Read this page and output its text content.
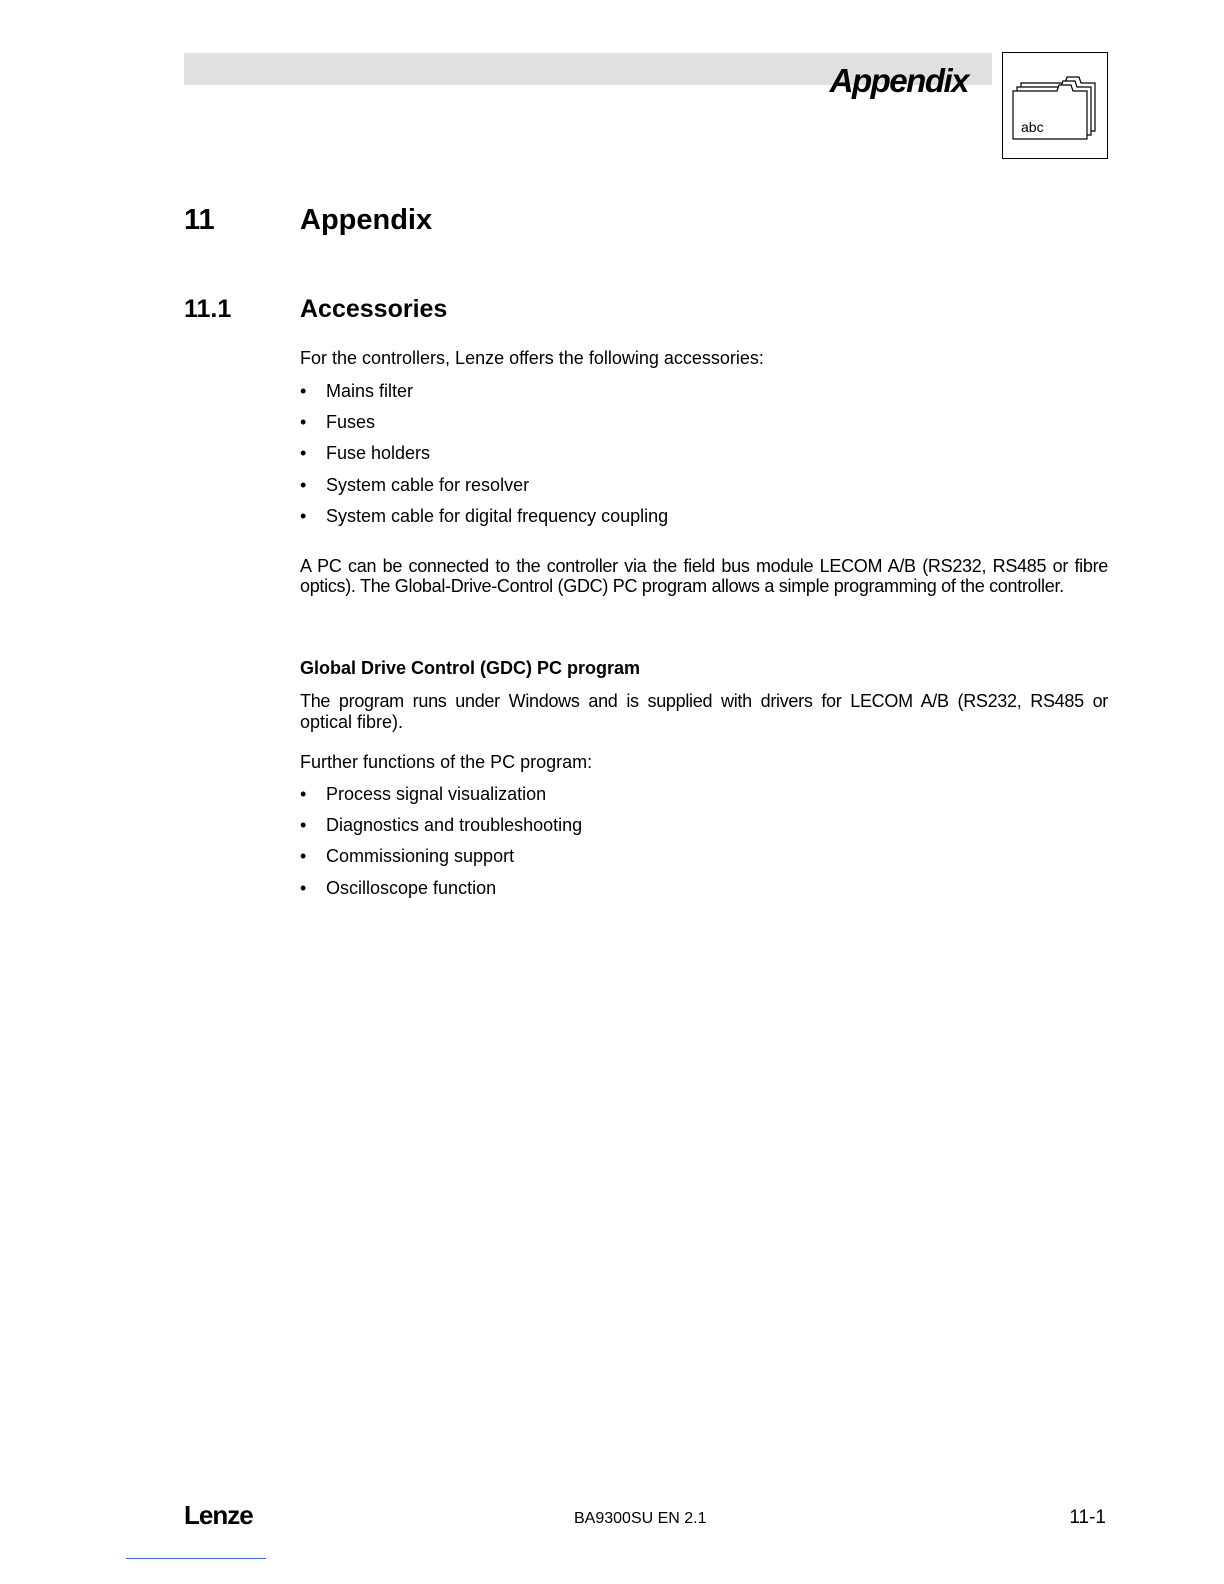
Appendix
abc
11	Appendix
11.1	Accessories
For the controllers, Lenze offers the following accessories:
• Mains filter
• Fuses
• Fuse holders
• System cable for resolver
• System cable for digital frequency coupling
A PC can be connected to the controller via the field bus module LECOM A/B (RS232, RS485 or fibre
optics). The Global-Drive-Control (GDC) PC program allows a simple programming of the controller.
Global Drive Control (GDC) PC program
The program runs under Windows and is supplied with drivers for LECOM A/B (RS232, RS485 or
optical fibre).
Further functions of the PC program:
• Process signal visualization
• Diagnostics and troubleshooting
• Commissioning support
• Oscilloscope function
Lenze	BA9300SU EN 2.1	11-1
